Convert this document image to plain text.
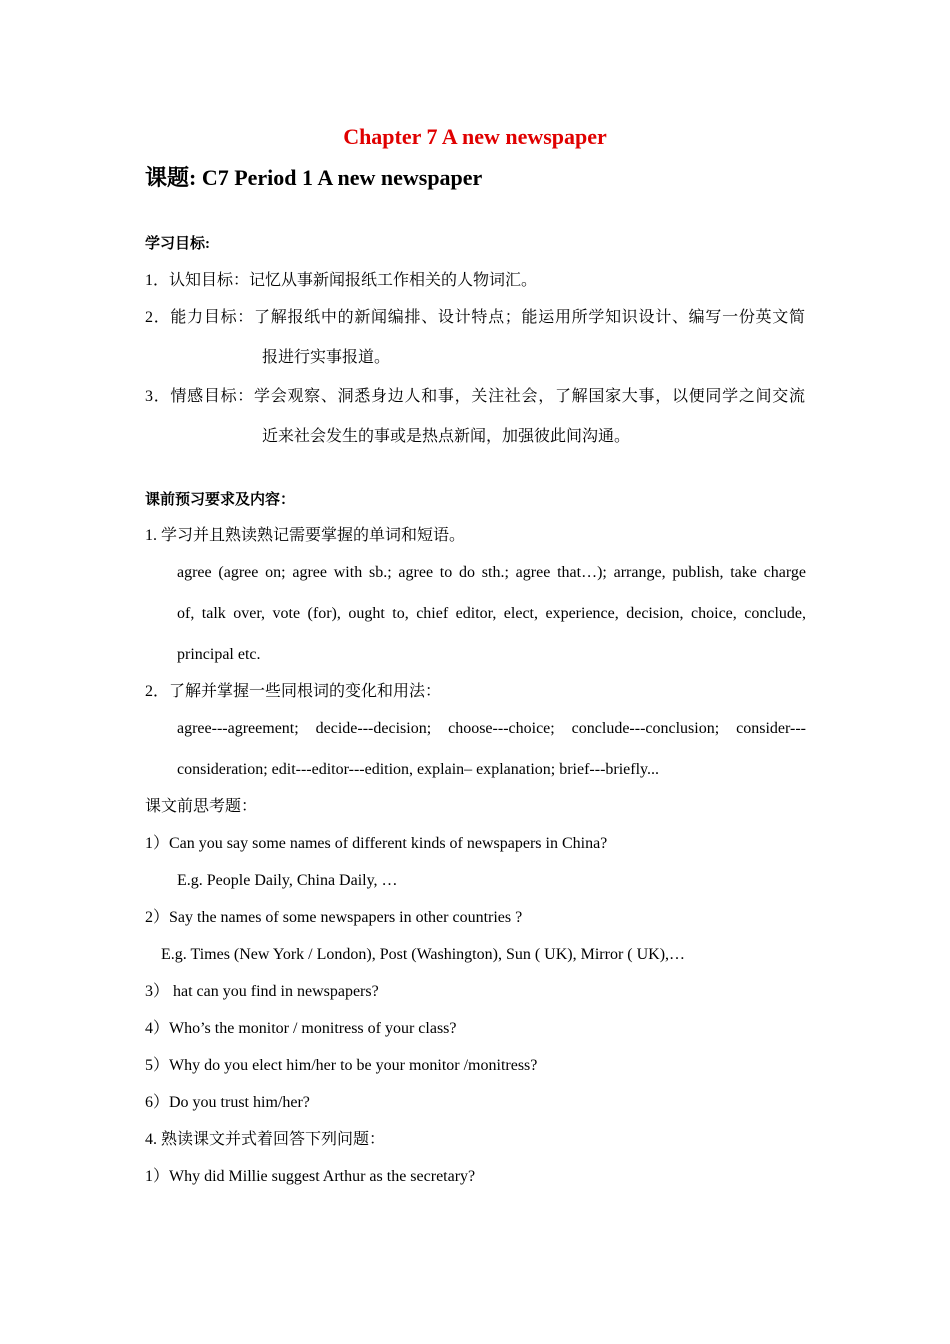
Chapter 7 A new newspaper
课题: C7 Period 1 A new newspaper
学习目标:
1．认知目标：记忆从事新闻报纸工作相关的人物词汇。
2．能力目标：了解报纸中的新闻编排、设计特点；能运用所学知识设计、编写一份英文简
报进行实事报道。
3．情感目标：学会观察、洞悉身边人和事，关注社会，了解国家大事，以便同学之间交流
近来社会发生的事或是热点新闻，加强彼此间沟通。
课前预习要求及内容：
1. 学习并且熟读熟记需要掌握的单词和短语。
agree (agree on; agree with sb.; agree to do sth.; agree that…); arrange, publish, take charge
of, talk over, vote (for), ought to, chief editor, elect, experience, decision, choice, conclude,
principal etc.
2．了解并掌握一些同根词的变化和用法：
agree---agreement; decide---decision; choose---choice; conclude---conclusion; consider---
consideration; edit---editor---edition, explain– explanation; brief---briefly...
课文前思考题：
1）Can you say some names of different kinds of newspapers in China?
E.g. People Daily, China Daily, …
2）Say the names of some newspapers in other countries ?
E.g. Times (New York / London), Post (Washington), Sun ( UK), Mirror ( UK),…
3） hat can you find in newspapers?
4）Who’s the monitor / monitress of your class?
5）Why do you elect him/her to be your monitor /monitress?
6）Do you trust him/her?
4. 熟读课文并式着回答下列问题：
1）Why did Millie suggest Arthur as the secretary?
